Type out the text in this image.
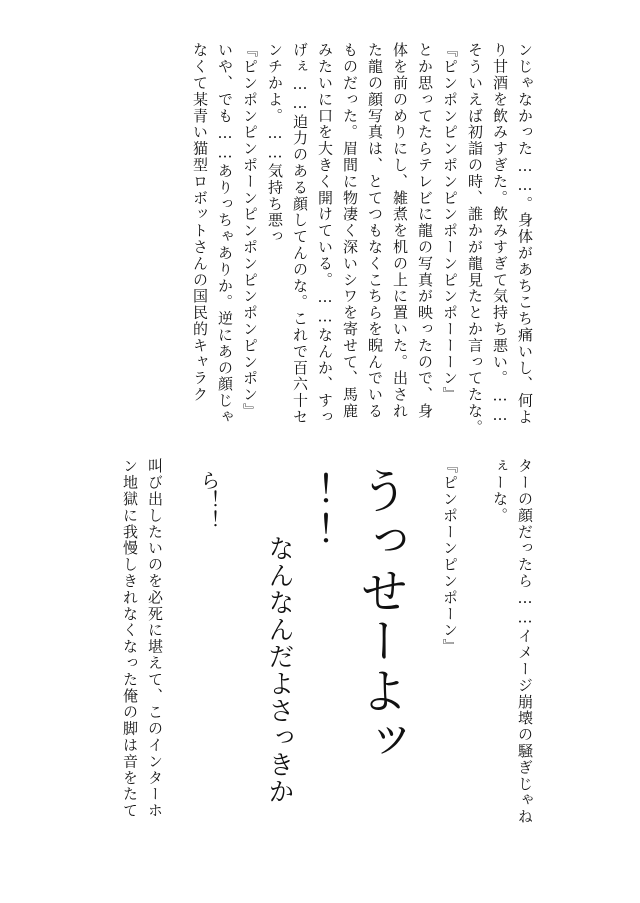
ンじゃなかった……。身体があちこち痛いし、何よ
り甘酒を飲みすぎた。飲みすぎて気持ち悪い。……
そういえば初詣の時、誰かが龍見たとか言ってたな。
『ピンポンピンポンピンポーンピンポーーーン』
とか思ってたらテレビに龍の写真が映ったので、身
体を前のめりにし、雑煮を机の上に置いた。出され
た龍の顔写真は、とてつもなくこちらを睨んでいる
ものだった。眉間に物凄く深いシワを寄せて、馬鹿
みたいに口を大きく開けている。……なんか、すっ
げぇ……迫力のある顔してんのな。これで百六十セ
ンチかよ。……気持ち悪っ
『ピンポンピンポーンピンポンピンポンピンポン』
いや、でも……ありっちゃありか。逆にあの顔じゃ
なくて某青い猫型ロボットさんの国民的キャラク
ターの顔だったら……イメージ崩壊の騒ぎじゃね
ぇーな。
『ピンポーンピンポーン』
うっせーよッ
！！
なんなんだよさっきか
ら！！
叫び出したいのを必死に堪えて、このインターホ
ン地獄に我慢しきれなくなった俺の脚は音をたて
